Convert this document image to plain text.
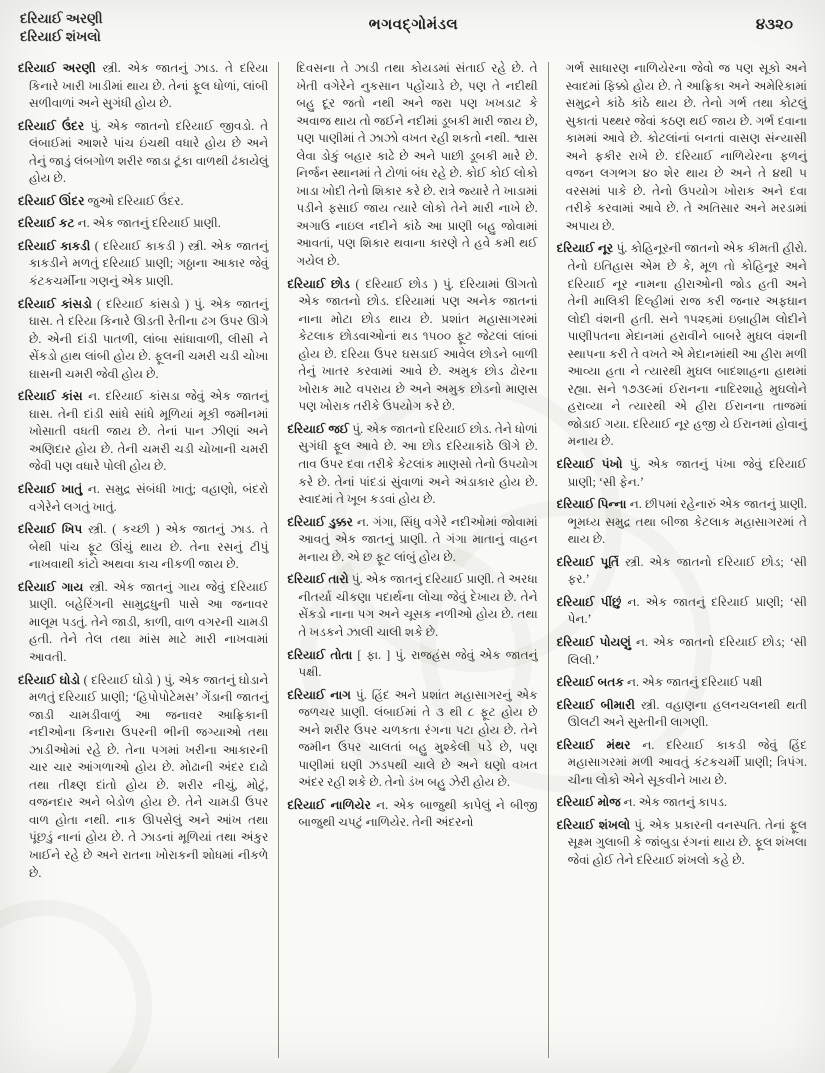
દરિયાઈ અરણી
દરિયાઈ શંખલો
ભગવદ્ગોમંડલ	૪૩૨૦

દરિયાઈ અરણી સ્ત્રી. એક જાતનું ઝાડ. તે દરિયા કિનારે ખારી ખાડીમાં થાય છે. તેનાં ફૂલ ધોળાં, લાંબી સળીવાળાં અને સુગંધી હોય છે.

દરિયાઈ ઉંદર પું. એક જાતનો દરિયાઈ જીવડો. તે લંબાઈમાં આશરે પાંચ ઇંચથી વધારે હોય છે અને તેનું જાડું લંબગોળ શરીર જાડા ટૂંકા વાળથી ઢંકાયેલું હોય છે.

દરિયાઈ ઊંદર જુઓ દરિયાઈ ઉંદર.

દરિયાઈ કટ ન. એક જાતનું દરિયાઈ પ્રાણી.

દરિયાઈ કાકડી ( દરિયાઈ કાકડી ) સ્ત્રી. એક જાતનું કાકડીને મળતું દરિયાઈ પ્રાણી; ગઠ્ઠાના આકાર જેવું કંટકચર્મીના ગણનું એક પ્રાણી.

દરિયાઈ કાંસડો ( દરિયાઈ કાંસડો ) પું. એક જાતનું ઘાસ. તે દરિયા કિનારે ઊડતી રેતીના ઢગ ઉપર ઊગે છે. એની દાંડી પાતળી, લાંબા સાંધાવાળી, લીસી ને સેંકડો હાથ લાંબી હોય છે. ફૂલની ચમરી ચડી ચોખા ઘાસની ચમરી જેવી હોય છે.

દરિયાઈ કાંસ ન. દરિયાઈ કાંસડા જેવું એક જાતનું ઘાસ. તેની દાંડી સાંધે સાંધે મૂળિયાં મૂકી જમીનમાં ખોસાતી વધતી જાય છે. તેનાં પાન ઝીણાં અને અણિદાર હોય છે. તેની ચમરી ચડી ચોખાની ચમરી જેવી પણ વધારે પોલી હોય છે.

દરિયાઈ ખાતું ન. સમુદ્ર સંબંધી ખાતું; વહાણો, બંદરો વગેરેને લગતું ખાતું.

દરિયાઈ ખિપ સ્ત્રી. ( કચ્છી ) એક જાતનું ઝાડ. તે બેથી પાંચ ફૂટ ઊંચું થાય છે. તેના રસનું ટીપું નાખવાથી કાંટો અથવા કાચ નીકળી જાય છે.

દરિયાઈ ગાય સ્ત્રી. એક જાતનું ગાય જેવું દરિયાઈ પ્રાણી. બહેરિંગની સામુદ્રધુની પાસે આ જનાવર માલૂમ પડતું. તેને જાડી, કાળી, વાળ વગરની ચામડી હતી. તેને તેલ તથા માંસ માટે મારી નાખવામાં આવતી.

દરિયાઈ ઘોડો ( દરિયાઈ ઘોડો ) પું. એક જાતનું ઘોડાને મળતું દરિયાઈ પ્રાણી; ‘હિપોપોટેમસ’ ગેંડાની જાતનું જાડી ચામડીવાળું આ જનાવર આફ્રિકાની નદીઓના કિનારા ઉપરની ભીની જગ્યાઓ તથા ઝાડીઓમાં રહે છે. તેના પગમાં ખરીના આકારની ચાર ચાર આંગળાઓ હોય છે. મોઢાની અંદર દાઢો તથા તીક્ષ્ણ દાંતો હોય છે. શરીર નીચું, મોટું, વજનદાર અને બેડોળ હોય છે. તેને ચામડી ઉપર વાળ હોતા નથી. નાક ઊપસેલું અને આંખ તથા પૂંછડું નાનાં હોય છે. તે ઝાડનાં મૂળિયાં તથા અંકુર ખાઈને રહે છે અને રાતના ખોરાકની શોધમાં નીકળે છે.

દિવસના તે ઝાડી તથા કોયડમાં સંતાઈ રહે છે. તે ખેતી વગેરેને નુકસાન પહોંચાડે છે, પણ તે નદીથી બહુ દૂર જતો નથી અને જરા પણ ખખડાટ કે અવાજ થાય તો જઈને નદીમાં ડૂબકી મારી જાય છે, પણ પાણીમાં તે ઝાઝો વખત રહી શકતો નથી. શ્વાસ લેવા ડોકું બહાર કાઢે છે અને પાછી ડૂબકી મારે છે. નિર્જન સ્થાનમાં તે ટોળાં બંધ રહે છે. કોઈ કોઈ લોકો ખાડા ખોદી તેનો શિકાર કરે છે. રાત્રે જ્યારે તે ખાડામાં પડીને ફસાઈ જાય ત્યારે લોકો તેને મારી નાખે છે. અગાઉ નાઇલ નદીને કાંઠે આ પ્રાણી બહુ જોવામાં આવતાં, પણ શિકાર થવાના કારણે તે હવે કમી થઈ ગયેલ છે.

દરિયાઈ છોડ ( દરિયાઈ છોડ ) પું. દરિયામાં ઊગતો એક જાતનો છોડ. દરિયામાં પણ અનેક જાતનાં નાના મોટા છોડ થાય છે. પ્રશાંત મહાસાગરમાં કેટલાક છોડવાઓનાં થડ ૧૫૦૦ ફૂટ જેટલાં લાંબાં હોય છે. દરિયા ઉપર ઘસડાઈ આવેલ છોડને બાળી તેનું ખાતર કરવામાં આવે છે. અમુક છોડ ઢોરના ખોરાક માટે વપરાય છે અને અમુક છોડનો માણસ પણ ખોરાક તરીકે ઉપયોગ કરે છે.

દરિયાઈ જઈ પું. એક જાતનો દરિયાઈ છોડ. તેને ધોળાં સુગંધી ફૂલ આવે છે. આ છોડ દરિયાકાંઠે ઊગે છે. તાવ ઉપર દવા તરીકે કેટલાંક માણસો તેનો ઉપયોગ કરે છે. તેનાં પાંદડાં સુંવાળાં અને અંડાકાર હોય છે. સ્વાદમાં તે ખૂબ કડવાં હોય છે.

દરિયાઈ ડુક્કર ન. ગંગા, સિંધુ વગેરે નદીઓમાં જોવામાં આવતું એક જાતનું પ્રાણી. તે ગંગા માતાનું વાહન મનાય છે. એ છ ફૂટ લાંબું હોય છે.

દરિયાઈ તારો પું. એક જાતનું દરિયાઈ પ્રાણી. તે અરધા નીતર્યા ચીકણા પદાર્થના લોચા જેવું દેખાય છે. તેને સેંકડો નાના પગ અને ચૂસક નળીઓ હોય છે. તથા તે ખડકને ઝાલી ચાલી શકે છે.

દરિયાઈ તોતા [ ફા. ] પું. રાજહંસ જેવું એક જાતનું પક્ષી.

દરિયાઈ નાગ પું. હિંદ અને પ્રશાંત મહાસાગરનું એક જળચર પ્રાણી. લંબાઈમાં તે ૩ થી ૮ ફૂટ હોય છે અને શરીર ઉપર ચળકતા રંગના પટા હોય છે. તેને જમીન ઉપર ચાલતાં બહુ મુશ્કેલી પડે છે, પણ પાણીમાં ઘણી ઝડપથી ચાલે છે અને ઘણો વખત અંદર રહી શકે છે. તેનો ડંખ બહુ ઝેરી હોય છે.

દરિયાઈ નાળિયેર ન. એક બાજુથી કાપેલું ને બીજી બાજુથી ચપટું નાળિયેર. તેની અંદરનો

ગર્ભ સાધારણ નાળિયેરના જેવો જ પણ સૂકો અને સ્વાદમાં ફિક્કો હોય છે. તે આફ્રિકા અને અમેરિકામાં સમુદ્રને કાંઠે કાંઠે થાય છે. તેનો ગર્ભ તથા કોટલું સુકાતાં પથ્થર જેવાં કઠણ થઈ જાય છે. ગર્ભ દવાના કામમાં આવે છે. કોટલાંનાં બનતાં વાસણ સંન્યાસી અને ફકીર રાખે છે. દરિયાઈ નાળિયેરના ફળનું વજન લગભગ ૪૦ શેર થાય છે અને તે ૪થી ૫ વરસમાં પાકે છે. તેનો ઉપયોગ ખોરાક અને દવા તરીકે કરવામાં આવે છે. તે અતિસાર અને મરડામાં અપાય છે.

દરિયાઈ નૂર પું. કોહિનૂરની જાતનો એક કીમતી હીરો. તેનો ઇતિહાસ એમ છે કે, મૂળ તો કોહિનૂર અને દરિયાઈ નૂર નામના હીરાઓની જોડ હતી અને તેની માલિકી દિલ્હીમાં રાજ કરી જનાર અફઘાન લોદી વંશની હતી. સને ૧૫૨૬માં ઇબ્રાહીમ લોદીને પાણીપતના મેદાનમાં હરાવીને બાબરે મુઘલ વંશની સ્થાપના કરી તે વખતે એ મેદાનમાંથી આ હીરા મળી આવ્યા હતા ને ત્યારથી મુઘલ બાદશાહના હાથમાં રહ્યા. સને ૧૭૩૯માં ઈરાનના નાદિરશાહે મુઘલોને હરાવ્યા ને ત્યારથી એ હીરા ઈરાનના તાજમાં જોડાઈ ગયા. દરિયાઈ નૂર હજી યે ઈરાનમાં હોવાનું મનાય છે.

દરિયાઈ પંખો પું. એક જાતનું પંખા જેવું દરિયાઈ પ્રાણી; ‘સી ફેન.’

દરિયાઈ પિન્ના ન. છીપમાં રહેનારું એક જાતનું પ્રાણી. ભૂમધ્ય સમુદ્ર તથા બીજા કેટલાક મહાસાગરમાં તે થાય છે.

દરિયાઈ પૂર્તિ સ્ત્રી. એક જાતનો દરિયાઈ છોડ; ‘સી ફર.’

દરિયાઈ પીંછું ન. એક જાતનું દરિયાઈ પ્રાણી; ‘સી પેન.’

દરિયાઈ પોયણું ન. એક જાતનો દરિયાઈ છોડ; ‘સી લિલી.’

દરિયાઈ બતક ન. એક જાતનું દરિયાઈ પક્ષી

દરિયાઈ બીમારી સ્ત્રી. વહાણના હલનચલનથી થતી ઊલટી અને સુસ્તીની લાગણી.

દરિયાઈ મંથર ન. દરિયાઈ કાકડી જેવું હિંદ મહાસાગરમાં મળી આવતું કંટકચર્મી પ્રાણી; ત્રિપંગ. ચીના લોકો એને સૂકવીને ખાય છે.

દરિયાઈ મોજ ન. એક જાતનું કાપડ.

દરિયાઈ શંખલો પું. એક પ્રકારની વનસ્પતિ. તેનાં ફૂલ સૂક્ષ્મ ગુલાબી કે જાંબુડા રંગનાં થાય છે. ફૂલ શંખલા જેવાં હોઈ તેને દરિયાઈ શંખલો કહે છે.
